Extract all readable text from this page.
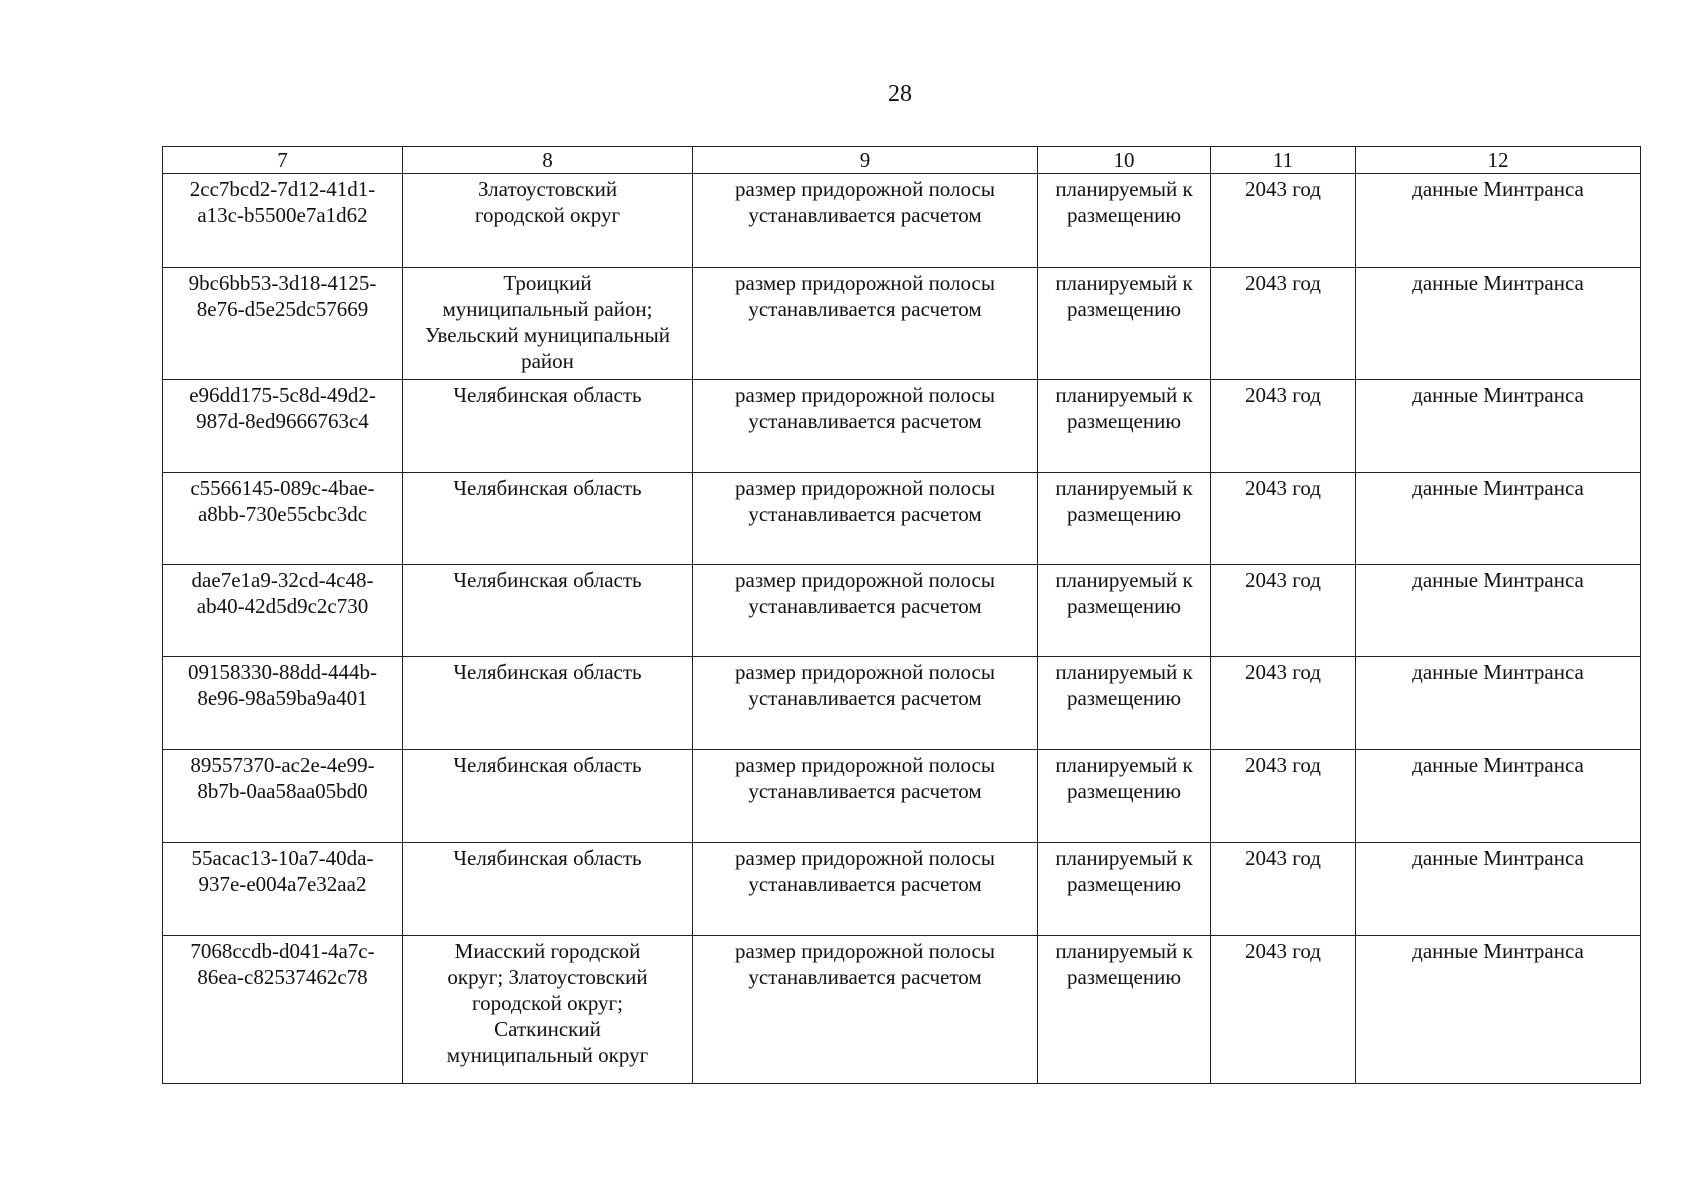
28
7	8	9	10	11	12
2cc7bcd2-7d12-41d1-
a13c-b5500e7a1d62	Златоустовский
городской округ	размер придорожной полосы
устанавливается расчетом	планируемый к
размещению	2043 год	данные Минтранса
9bc6bb53-3d18-4125-
8e76-d5e25dc57669	Троицкий
муниципальный район;
Увельский муниципальный
район	размер придорожной полосы
устанавливается расчетом	планируемый к
размещению	2043 год	данные Минтранса
e96dd175-5c8d-49d2-
987d-8ed9666763c4	Челябинская область	размер придорожной полосы
устанавливается расчетом	планируемый к
размещению	2043 год	данные Минтранса
c5566145-089c-4bae-
a8bb-730e55cbc3dc	Челябинская область	размер придорожной полосы
устанавливается расчетом	планируемый к
размещению	2043 год	данные Минтранса
dae7e1a9-32cd-4c48-
ab40-42d5d9c2c730	Челябинская область	размер придорожной полосы
устанавливается расчетом	планируемый к
размещению	2043 год	данные Минтранса
09158330-88dd-444b-
8e96-98a59ba9a401	Челябинская область	размер придорожной полосы
устанавливается расчетом	планируемый к
размещению	2043 год	данные Минтранса
89557370-ac2e-4e99-
8b7b-0aa58aa05bd0	Челябинская область	размер придорожной полосы
устанавливается расчетом	планируемый к
размещению	2043 год	данные Минтранса
55acac13-10a7-40da-
937e-e004a7e32aa2	Челябинская область	размер придорожной полосы
устанавливается расчетом	планируемый к
размещению	2043 год	данные Минтранса
7068ccdb-d041-4a7c-
86ea-c82537462c78	Миасский городской
округ; Златоустовский
городской округ;
Саткинский
муниципальный округ	размер придорожной полосы
устанавливается расчетом	планируемый к
размещению	2043 год	данные Минтранса
